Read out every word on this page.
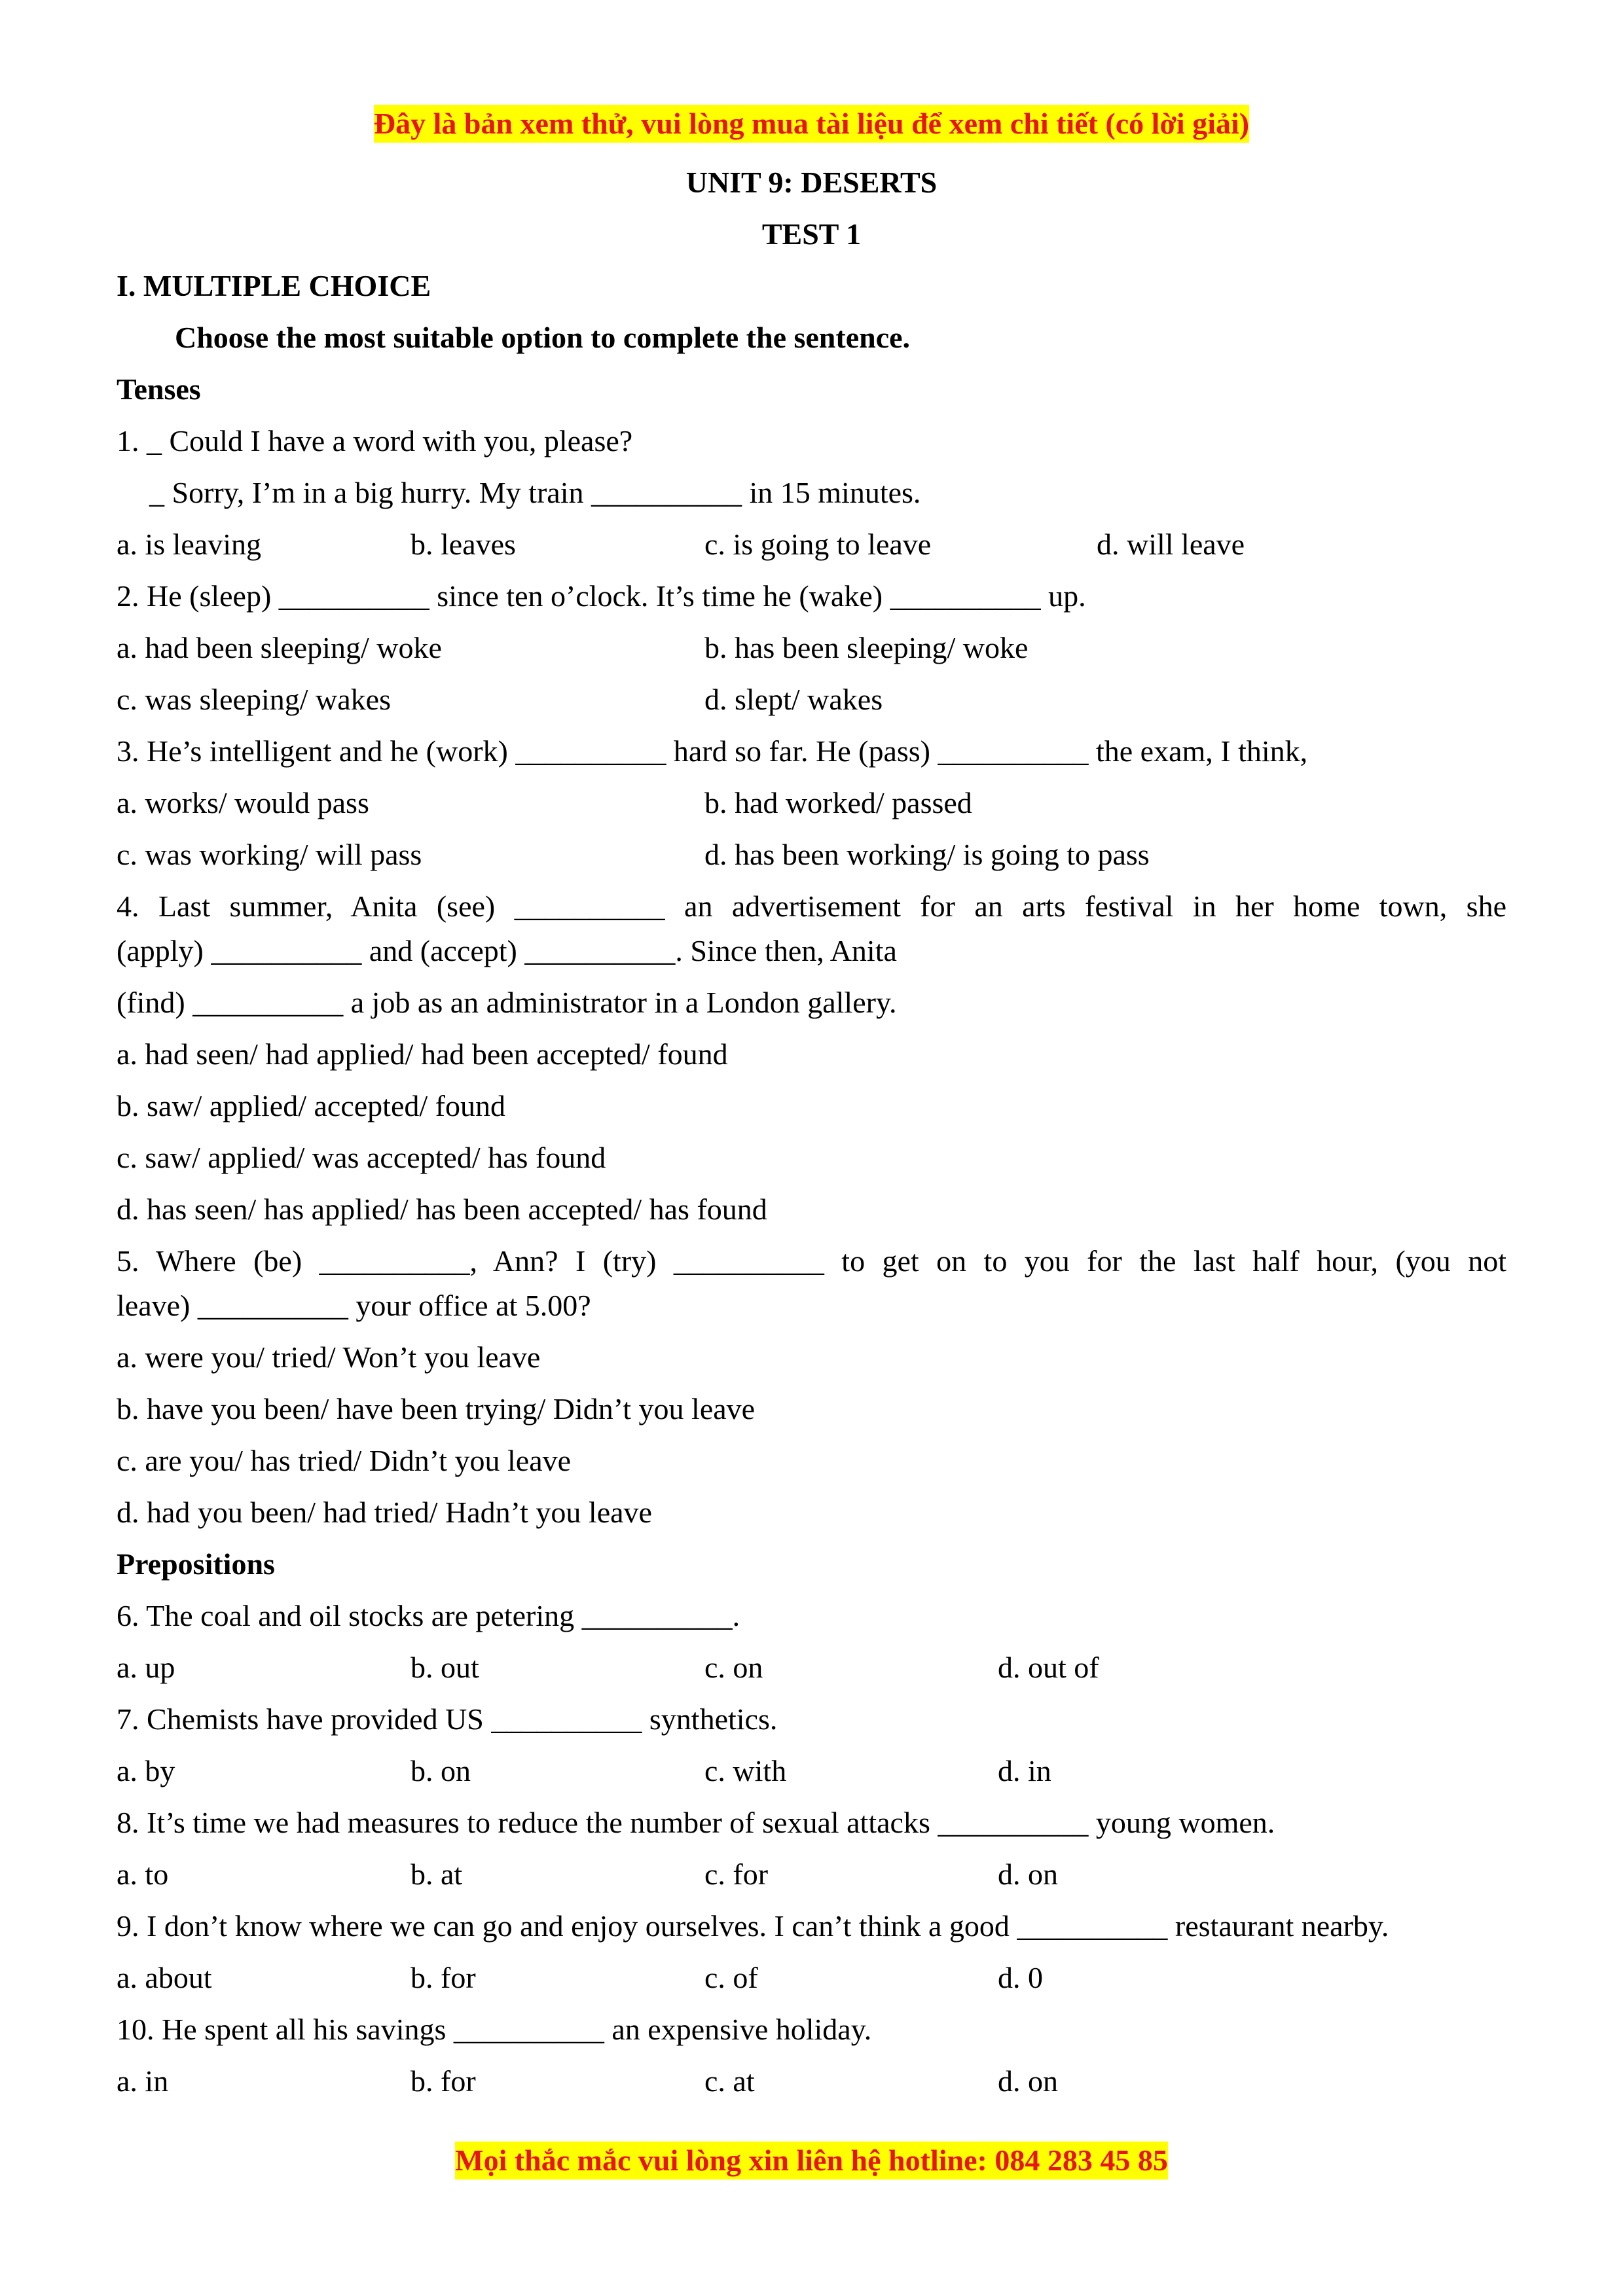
Đây là bản xem thử, vui lòng mua tài liệu để xem chi tiết (có lời giải)
UNIT 9: DESERTS
TEST 1
I. MULTIPLE CHOICE
Choose the most suitable option to complete the sentence.
Tenses
1. _ Could I have a word with you, please?
_ Sorry, I’m in a big hurry. My train __________ in 15 minutes.
a. is leaving	b. leaves	c. is going to leave	d. will leave
2. He (sleep) __________ since ten o’clock. It’s time he (wake) __________ up.
a. had been sleeping/ woke	b. has been sleeping/ woke
c. was sleeping/ wakes	d. slept/ wakes
3. He’s intelligent and he (work) __________ hard so far. He (pass) __________ the exam, I think,
a. works/ would pass	b. had worked/ passed
c. was working/ will pass	d. has been working/ is going to pass
4. Last summer, Anita (see) __________ an advertisement for an arts festival in her home town, she
(apply) __________ and (accept) __________. Since then, Anita
(find) __________ a job as an administrator in a London gallery.
a. had seen/ had applied/ had been accepted/ found
b. saw/ applied/ accepted/ found
c. saw/ applied/ was accepted/ has found
d. has seen/ has applied/ has been accepted/ has found
5. Where (be) __________, Ann? I (try) __________ to get on to you for the last half hour, (you not
leave) __________ your office at 5.00?
a. were you/ tried/ Won’t you leave
b. have you been/ have been trying/ Didn’t you leave
c. are you/ has tried/ Didn’t you leave
d. had you been/ had tried/ Hadn’t you leave
Prepositions
6. The coal and oil stocks are petering __________.
a. up	b. out	c. on	d. out of
7. Chemists have provided US __________ synthetics.
a. by	b. on	c. with	d. in
8. It’s time we had measures to reduce the number of sexual attacks __________ young women.
a. to	b. at	c. for	d. on
9. I don’t know where we can go and enjoy ourselves. I can’t think a good __________ restaurant nearby.
a. about	b. for	c. of	d. 0
10. He spent all his savings __________ an expensive holiday.
a. in	b. for	c. at	d. on
Mọi thắc mắc vui lòng xin liên hệ hotline: 084 283 45 85
